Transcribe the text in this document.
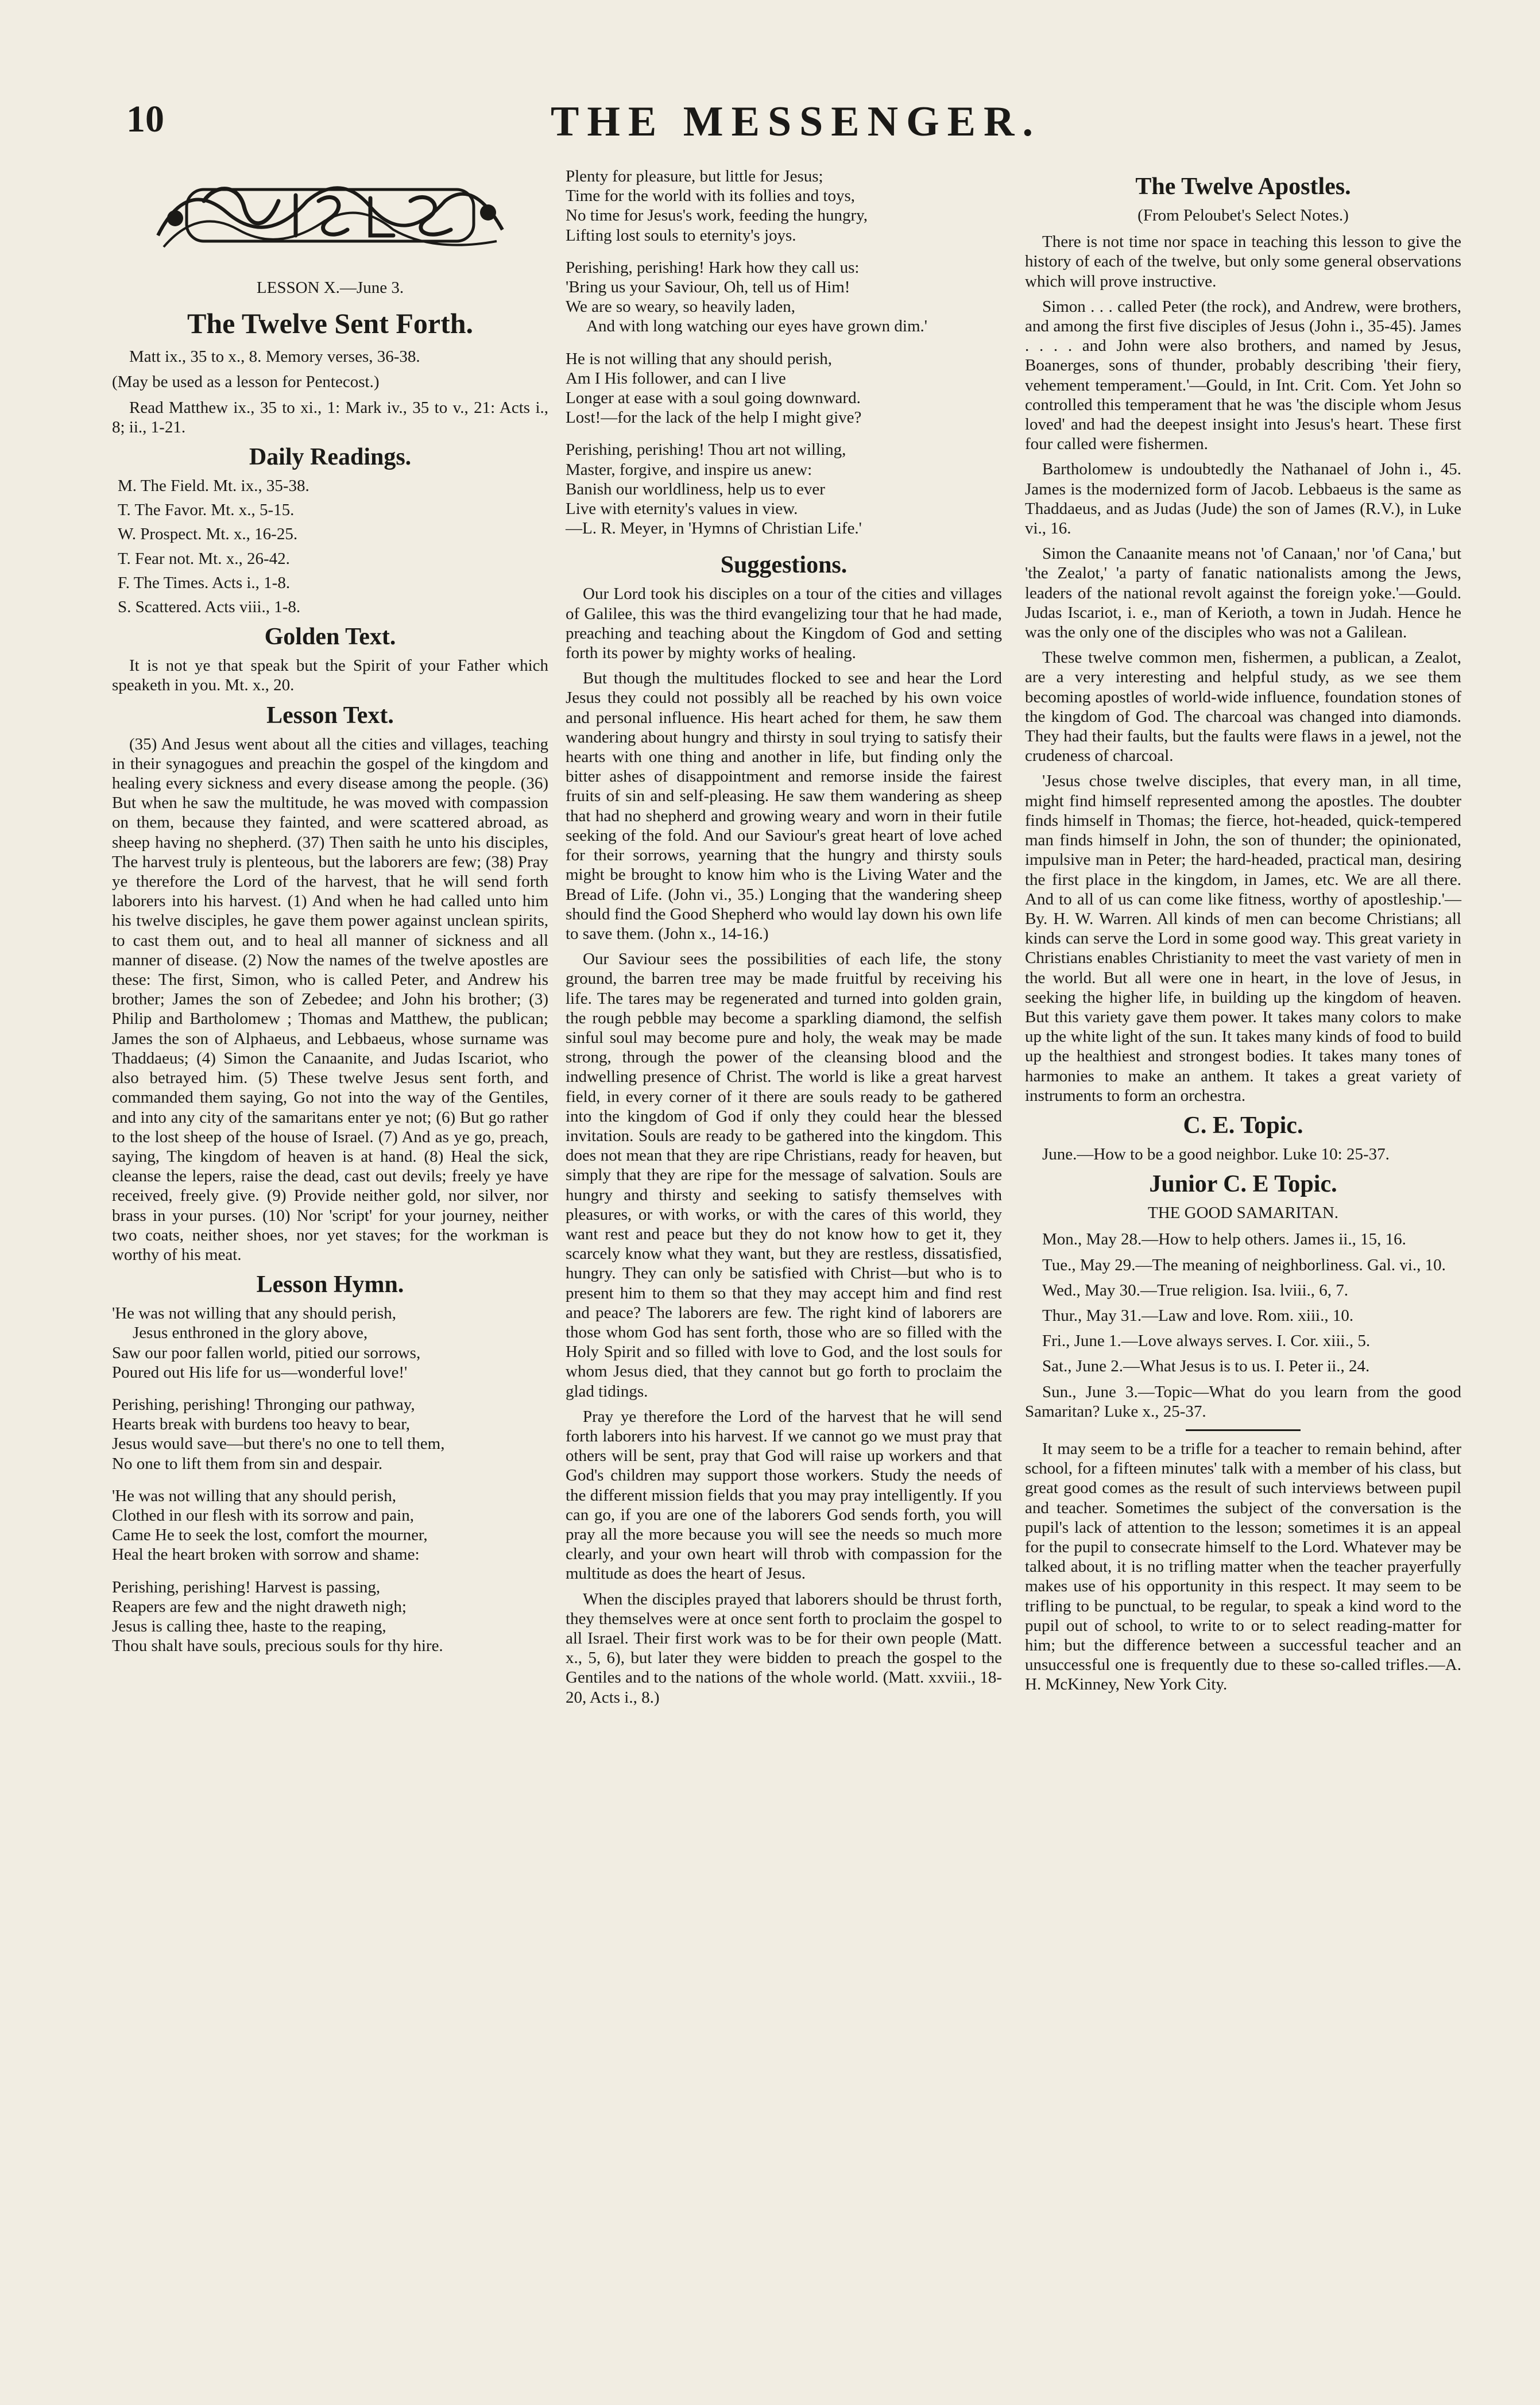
10	THE MESSENGER.

LESSON X.—June 3.

The Twelve Sent Forth.

Matt ix., 35 to x., 8. Memory verses, 36-38.

(May be used as a lesson for Pentecost.)

Read Matthew ix., 35 to xi., 1: Mark iv., 35 to v., 21: Acts i., 8; ii., 1-21.

Daily Readings.

M. The Field. Mt. ix., 35-38.

T. The Favor. Mt. x., 5-15.

W. Prospect. Mt. x., 16-25.

T. Fear not. Mt. x., 26-42.

F. The Times. Acts i., 1-8.

S. Scattered. Acts viii., 1-8.

Golden Text.

It is not ye that speak but the Spirit of your Father which speaketh in you. Mt. x., 20.

Lesson Text.

(35) And Jesus went about all the cities and villages, teaching in their synagogues and preachin the gospel of the kingdom and healing every sickness and every disease among the people. (36) But when he saw the multitude, he was moved with compassion on them, because they fainted, and were scattered abroad, as sheep having no shepherd. (37) Then saith he unto his disciples, The harvest truly is plenteous, but the laborers are few; (38) Pray ye therefore the Lord of the harvest, that he will send forth laborers into his harvest. (1) And when he had called unto him his twelve disciples, he gave them power against unclean spirits, to cast them out, and to heal all manner of sickness and all manner of disease. (2) Now the names of the twelve apostles are these: The first, Simon, who is called Peter, and Andrew his brother; James the son of Zebedee; and John his brother; (3) Philip and Bartholomew ; Thomas and Matthew, the publican; James the son of Alphaeus, and Lebbaeus, whose surname was Thaddaeus; (4) Simon the Canaanite, and Judas Iscariot, who also betrayed him. (5) These twelve Jesus sent forth, and commanded them saying, Go not into the way of the Gentiles, and into any city of the samaritans enter ye not; (6) But go rather to the lost sheep of the house of Israel. (7) And as ye go, preach, saying, The kingdom of heaven is at hand. (8) Heal the sick, cleanse the lepers, raise the dead, cast out devils; freely ye have received, freely give. (9) Provide neither gold, nor silver, nor brass in your purses. (10) Nor 'script' for your journey, neither two coats, neither shoes, nor yet staves; for the workman is worthy of his meat.

Lesson Hymn.

'He was not willing that any should perish,

Jesus enthroned in the glory above,

Saw our poor fallen world, pitied our sorrows,

Poured out His life for us—wonderful love!'

Perishing, perishing! Thronging our pathway,

Hearts break with burdens too heavy to bear,

Jesus would save—but there's no one to tell them,

No one to lift them from sin and despair.

'He was not willing that any should perish,

Clothed in our flesh with its sorrow and pain,

Came He to seek the lost, comfort the mourner,

Heal the heart broken with sorrow and shame:

Perishing, perishing! Harvest is passing,

Reapers are few and the night draweth nigh;

Jesus is calling thee, haste to the reaping,

Thou shalt have souls, precious souls for thy hire.

Plenty for pleasure, but little for Jesus;

Time for the world with its follies and toys,

No time for Jesus's work, feeding the hungry,

Lifting lost souls to eternity's joys.

Perishing, perishing! Hark how they call us:

'Bring us your Saviour, Oh, tell us of Him!

We are so weary, so heavily laden,

And with long watching our eyes have grown dim.'

He is not willing that any should perish,

Am I His follower, and can I live

Longer at ease with a soul going downward.

Lost!—for the lack of the help I might give?

Perishing, perishing! Thou art not willing,

Master, forgive, and inspire us anew:

Banish our worldliness, help us to ever

Live with eternity's values in view.

—L. R. Meyer, in 'Hymns of Christian Life.'

Suggestions.

Our Lord took his disciples on a tour of the cities and villages of Galilee, this was the third evangelizing tour that he had made, preaching and teaching about the Kingdom of God and setting forth its power by mighty works of healing.

But though the multitudes flocked to see and hear the Lord Jesus they could not possibly all be reached by his own voice and personal influence. His heart ached for them, he saw them wandering about hungry and thirsty in soul trying to satisfy their hearts with one thing and another in life, but finding only the bitter ashes of disappointment and remorse inside the fairest fruits of sin and self-pleasing. He saw them wandering as sheep that had no shepherd and growing weary and worn in their futile seeking of the fold. And our Saviour's great heart of love ached for their sorrows, yearning that the hungry and thirsty souls might be brought to know him who is the Living Water and the Bread of Life. (John vi., 35.) Longing that the wandering sheep should find the Good Shepherd who would lay down his own life to save them. (John x., 14-16.)

Our Saviour sees the possibilities of each life, the stony ground, the barren tree may be made fruitful by receiving his life. The tares may be regenerated and turned into golden grain, the rough pebble may become a sparkling diamond, the selfish sinful soul may become pure and holy, the weak may be made strong, through the power of the cleansing blood and the indwelling presence of Christ. The world is like a great harvest field, in every corner of it there are souls ready to be gathered into the kingdom of God if only they could hear the blessed invitation. Souls are ready to be gathered into the kingdom. This does not mean that they are ripe Christians, ready for heaven, but simply that they are ripe for the message of salvation. Souls are hungry and thirsty and seeking to satisfy themselves with pleasures, or with works, or with the cares of this world, they want rest and peace but they do not know how to get it, they scarcely know what they want, but they are restless, dissatisfied, hungry. They can only be satisfied with Christ—but who is to present him to them so that they may accept him and find rest and peace? The laborers are few. The right kind of laborers are those whom God has sent forth, those who are so filled with the Holy Spirit and so filled with love to God, and the lost souls for whom Jesus died, that they cannot but go forth to proclaim the glad tidings.

Pray ye therefore the Lord of the harvest that he will send forth laborers into his harvest. If we cannot go we must pray that others will be sent, pray that God will raise up workers and that God's children may support those workers. Study the needs of the different mission fields that you may pray intelligently. If you can go, if you are one of the laborers God sends forth, you will pray all the more because you will see the needs so much more clearly, and your own heart will throb with compassion for the multitude as does the heart of Jesus.

When the disciples prayed that laborers should be thrust forth, they themselves were at once sent forth to proclaim the gospel to all Israel. Their first work was to be for their own people (Matt. x., 5, 6), but later they were bidden to preach the gospel to the Gentiles and to the nations of the whole world. (Matt. xxviii., 18-20, Acts i., 8.)

The Twelve Apostles.

(From Peloubet's Select Notes.)

There is not time nor space in teaching this lesson to give the history of each of the twelve, but only some general observations which will prove instructive.

Simon . . . called Peter (the rock), and Andrew, were brothers, and among the first five disciples of Jesus (John i., 35-45). James . . . . and John were also brothers, and named by Jesus, Boanerges, sons of thunder, probably describing 'their fiery, vehement temperament.'—Gould, in Int. Crit. Com. Yet John so controlled this temperament that he was 'the disciple whom Jesus loved' and had the deepest insight into Jesus's heart. These first four called were fishermen.

Bartholomew is undoubtedly the Nathanael of John i., 45. James is the modernized form of Jacob. Lebbaeus is the same as Thaddaeus, and as Judas (Jude) the son of James (R.V.), in Luke vi., 16.

Simon the Canaanite means not 'of Canaan,' nor 'of Cana,' but 'the Zealot,' 'a party of fanatic nationalists among the Jews, leaders of the national revolt against the foreign yoke.'—Gould. Judas Iscariot, i. e., man of Kerioth, a town in Judah. Hence he was the only one of the disciples who was not a Galilean.

These twelve common men, fishermen, a publican, a Zealot, are a very interesting and helpful study, as we see them becoming apostles of world-wide influence, foundation stones of the kingdom of God. The charcoal was changed into diamonds. They had their faults, but the faults were flaws in a jewel, not the crudeness of charcoal.

'Jesus chose twelve disciples, that every man, in all time, might find himself represented among the apostles. The doubter finds himself in Thomas; the fierce, hot-headed, quick-tempered man finds himself in John, the son of thunder; the opinionated, impulsive man in Peter; the hard-headed, practical man, desiring the first place in the kingdom, in James, etc. We are all there. And to all of us can come like fitness, worthy of apostleship.'—By. H. W. Warren. All kinds of men can become Christians; all kinds can serve the Lord in some good way. This great variety in Christians enables Christianity to meet the vast variety of men in the world. But all were one in heart, in the love of Jesus, in seeking the higher life, in building up the kingdom of heaven. But this variety gave them power. It takes many colors to make up the white light of the sun. It takes many kinds of food to build up the healthiest and strongest bodies. It takes many tones of harmonies to make an anthem. It takes a great variety of instruments to form an orchestra.

C. E. Topic.

June.—How to be a good neighbor. Luke 10: 25-37.

Junior C. E Topic.

THE GOOD SAMARITAN.

Mon., May 28.—How to help others. James ii., 15, 16.

Tue., May 29.—The meaning of neighborliness. Gal. vi., 10.

Wed., May 30.—True religion. Isa. lviii., 6, 7.

Thur., May 31.—Law and love. Rom. xiii., 10.

Fri., June 1.—Love always serves. I. Cor. xiii., 5.

Sat., June 2.—What Jesus is to us. I. Peter ii., 24.

Sun., June 3.—Topic—What do you learn from the good Samaritan? Luke x., 25-37.

It may seem to be a trifle for a teacher to remain behind, after school, for a fifteen minutes' talk with a member of his class, but great good comes as the result of such interviews between pupil and teacher. Sometimes the subject of the conversation is the pupil's lack of attention to the lesson; sometimes it is an appeal for the pupil to consecrate himself to the Lord. Whatever may be talked about, it is no trifling matter when the teacher prayerfully makes use of his opportunity in this respect. It may seem to be trifling to be punctual, to be regular, to speak a kind word to the pupil out of school, to write to or to select reading-matter for him; but the difference between a successful teacher and an unsuccessful one is frequently due to these so-called trifles.—A. H. McKinney, New York City.
